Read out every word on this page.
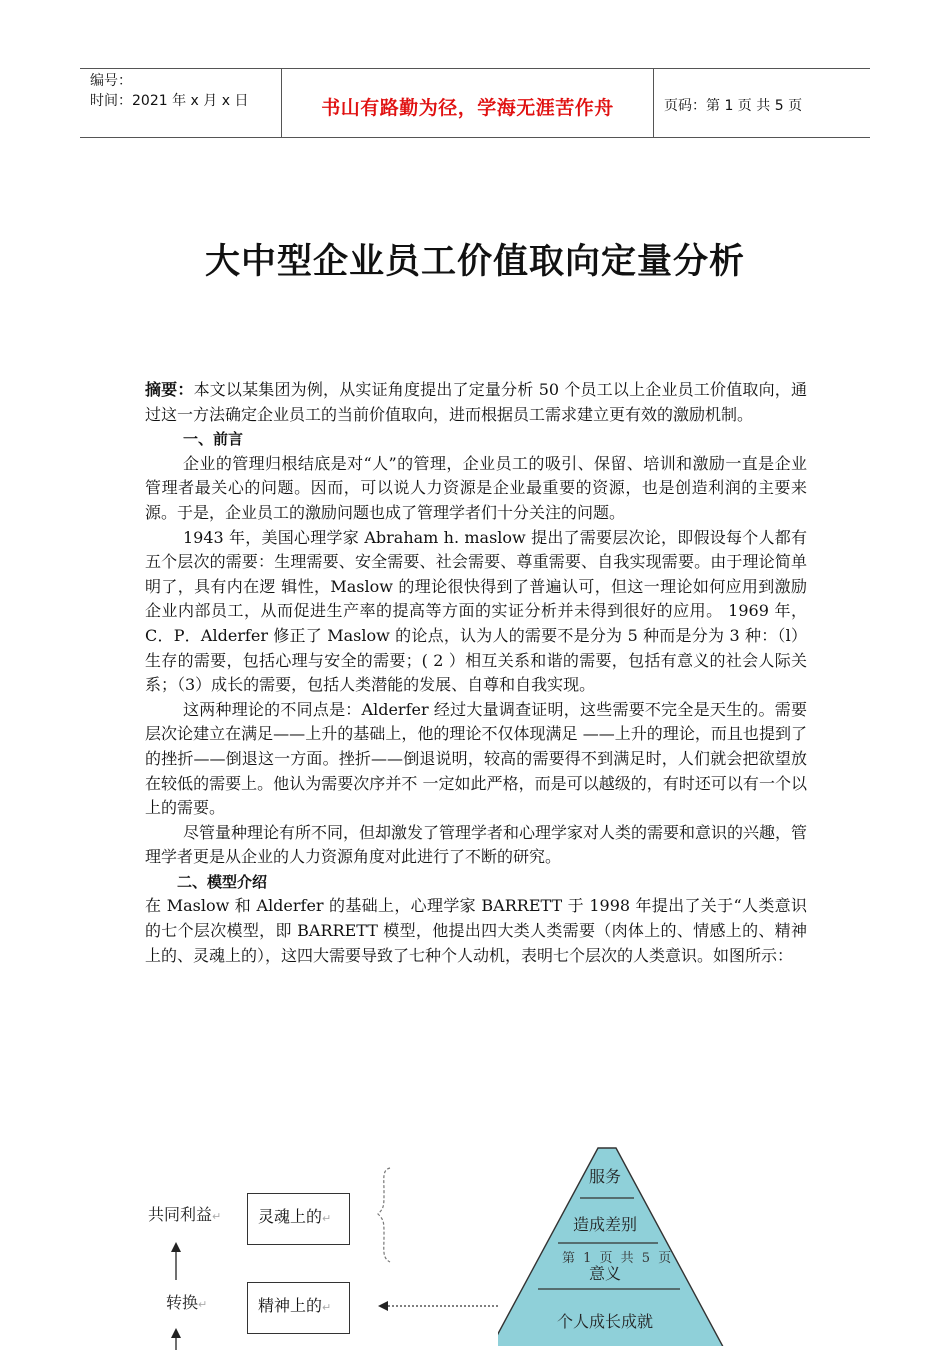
编号：
时间：2021 年 x 月 x 日	书山有路勤为径，学海无涯苦作舟	页码：第 1 页 共 5 页
大中型企业员工价值取向定量分析

摘要：本文以某集团为例，从实证角度提出了定量分析 50 个员工以上企业员工价值取向，通过这一方法确定企业员工的当前价值取向，进而根据员工需求建立更有效的激励机制。

一、前言

企业的管理归根结底是对“人”的管理，企业员工的吸引、保留、培训和激励一直是企业管理者最关心的问题。因而，可以说人力资源是企业最重要的资源，也是创造利润的主要来源。于是，企业员工的激励问题也成了管理学者们十分关注的问题。

1943 年，美国心理学家 Abraham h. maslow 提出了需要层次论，即假设每个人都有五个层次的需要：生理需要、安全需要、社会需要、尊重需要、自我实现需要。由于理论简单明了，具有内在逻 辑性，Maslow 的理论很快得到了普遍认可，但这一理论如何应用到激励企业内部员工，从而促进生产率的提高等方面的实证分析并未得到很好的应用。 1969 年，C．P．Alderfer 修正了 Maslow 的论点，认为人的需要不是分为 5 种而是分为 3 种：（l）生存的需要，包括心理与安全的需要；( 2 ）相互关系和谐的需要，包括有意义的社会人际关系；（3）成长的需要，包括人类潜能的发展、自尊和自我实现。

这两种理论的不同点是：Alderfer 经过大量调查证明，这些需要不完全是天生的。需要层次论建立在满足——上升的基础上，他的理论不仅体现满足 ——上升的理论，而且也提到了的挫折——倒退这一方面。挫折——倒退说明，较高的需要得不到满足时，人们就会把欲望放在较低的需要上。他认为需要次序并不 一定如此严格，而是可以越级的，有时还可以有一个以上的需要。

尽管量种理论有所不同，但却激发了管理学者和心理学家对人类的需要和意识的兴趣，管理学者更是从企业的人力资源角度对此进行了不断的研究。

二、模型介绍

在 Maslow 和 Alderfer 的基础上，心理学家 BARRETT 于 1998 年提出了关于“人类意识的七个层次模型，即 BARRETT 模型，他提出四大类人类需要（肉体上的、情感上的、精神上的、灵魂上的），这四大需要导致了七种个人动机，表明七个层次的人类意识。如图所示：

共同利益↵
转换↵
灵魂上的↵
精神上的↵
服务
造成差别
第 1 页 共 5 页
意义
个人成长成就
